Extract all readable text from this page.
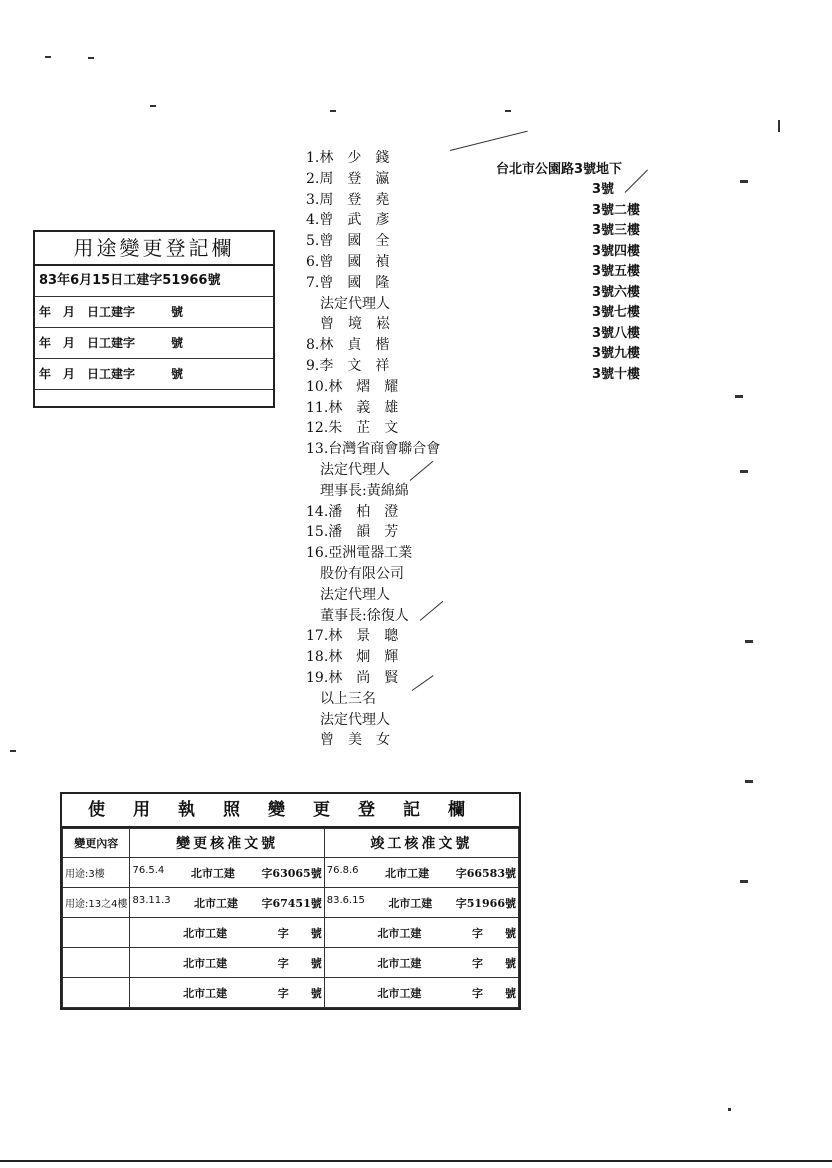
用途變更登記欄
83年6月15日工建字51966號
年　月　日工建字　　　號
年　月　日工建字　　　號
年　月　日工建字　　　號
1.林　少　錢
2.周　登　瀛
3.周　登　堯
4.曾　武　彥
5.曾　國　全
6.曾　國　禎
7.曾　國　隆
　法定代理人
　曾　境　崧
8.林　貞　楷
9.李　文　祥
10.林　熠　耀
11.林　義　雄
12.朱　芷　文
13.台灣省商會聯合會
　法定代理人
　理事長:黃綿綿
14.潘　柏　澄
15.潘　韻　芳
16.亞洲電器工業
　股份有限公司
　法定代理人
　董事長:徐復人
17.林　景　聰
18.林　炯　輝
19.林　尚　賢
　以上三名
　法定代理人
　曾　美　女
台北市公園路3號地下
3號
3號二樓
3號三樓
3號四樓
3號五樓
3號六樓
3號七樓
3號八樓
3號九樓
3號十樓
使用執照變更登記欄
變更內容	變更核准文號	竣工核准文號
用途:3樓	76.5.4 北市工建 字63065號	76.8.6 北市工建 字66583號

用途:13之4樓	83.11.3 北市工建 字67451號	83.6.15 北市工建 字51966號

	北市工建 字　　號	北市工建 字　　號

	北市工建 字　　號	北市工建 字　　號

	北市工建 字　　號	北市工建 字　　號
